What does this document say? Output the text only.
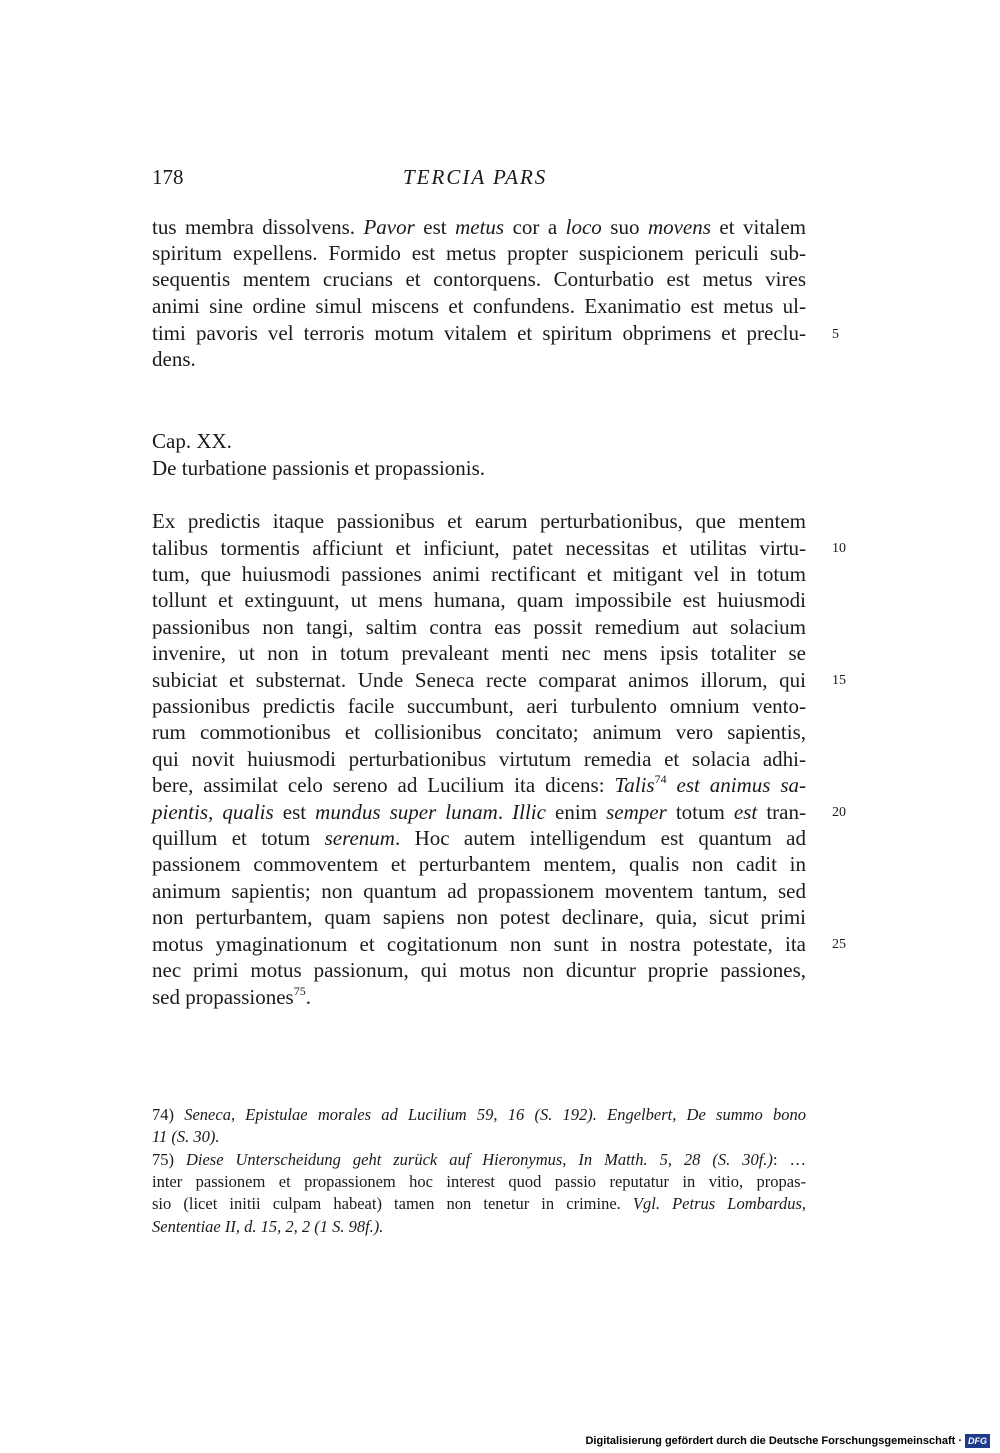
178	TERCIA PARS
tus membra dissolvens. Pavor est metus cor a loco suo movens et vitalem
spiritum expellens. Formido est metus propter suspicionem periculi sub-
sequentis mentem crucians et contorquens. Conturbatio est metus vires
animi sine ordine simul miscens et confundens. Exanimatio est metus ul-
timi pavoris vel terroris motum vitalem et spiritum obprimens et preclu-
dens.
5
Cap. XX.
De turbatione passionis et propassionis.
Ex predictis itaque passionibus et earum perturbationibus, que mentem
talibus tormentis afficiunt et inficiunt, patet necessitas et utilitas virtu-
tum, que huiusmodi passiones animi rectificant et mitigant vel in totum
tollunt et extinguunt, ut mens humana, quam impossibile est huiusmodi
passionibus non tangi, saltim contra eas possit remedium aut solacium
invenire, ut non in totum prevaleant menti nec mens ipsis totaliter se
subiciat et substernat. Unde Seneca recte comparat animos illorum, qui
passionibus predictis facile succumbunt, aeri turbulento omnium vento-
rum commotionibus et collisionibus concitato; animum vero sapientis,
qui novit huiusmodi perturbationibus virtutum remedia et solacia adhi-
bere, assimilat celo sereno ad Lucilium ita dicens: Talis$^{74}$ est animus sa-
pientis, qualis est mundus super lunam. Illic enim semper totum est tran-
quillum et totum serenum. Hoc autem intelligendum est quantum ad
passionem commoventem et perturbantem mentem, qualis non cadit in
animum sapientis; non quantum ad propassionem moventem tantum, sed
non perturbantem, quam sapiens non potest declinare, quia, sicut primi
motus ymaginationum et cogitationum non sunt in nostra potestate, ita
nec primi motus passionum, qui motus non dicuntur proprie passiones,
sed propassiones$^{75}$.
10
15
20
25
74) Seneca, Epistulae morales ad Lucilium 59, 16 (S. 192). Engelbert, De summo bono
11 (S. 30).
75) Diese Unterscheidung geht zurück auf Hieronymus, In Matth. 5, 28 (S. 30f.): …
inter passionem et propassionem hoc interest quod passio reputatur in vitio, propas-
sio (licet initii culpam habeat) tamen non tenetur in crimine. Vgl. Petrus Lombardus,
Sententiae II, d. 15, 2, 2 (1 S. 98f.).
Digitalisierung gefördert durch die Deutsche Forschungsgemeinschaft · DFG
